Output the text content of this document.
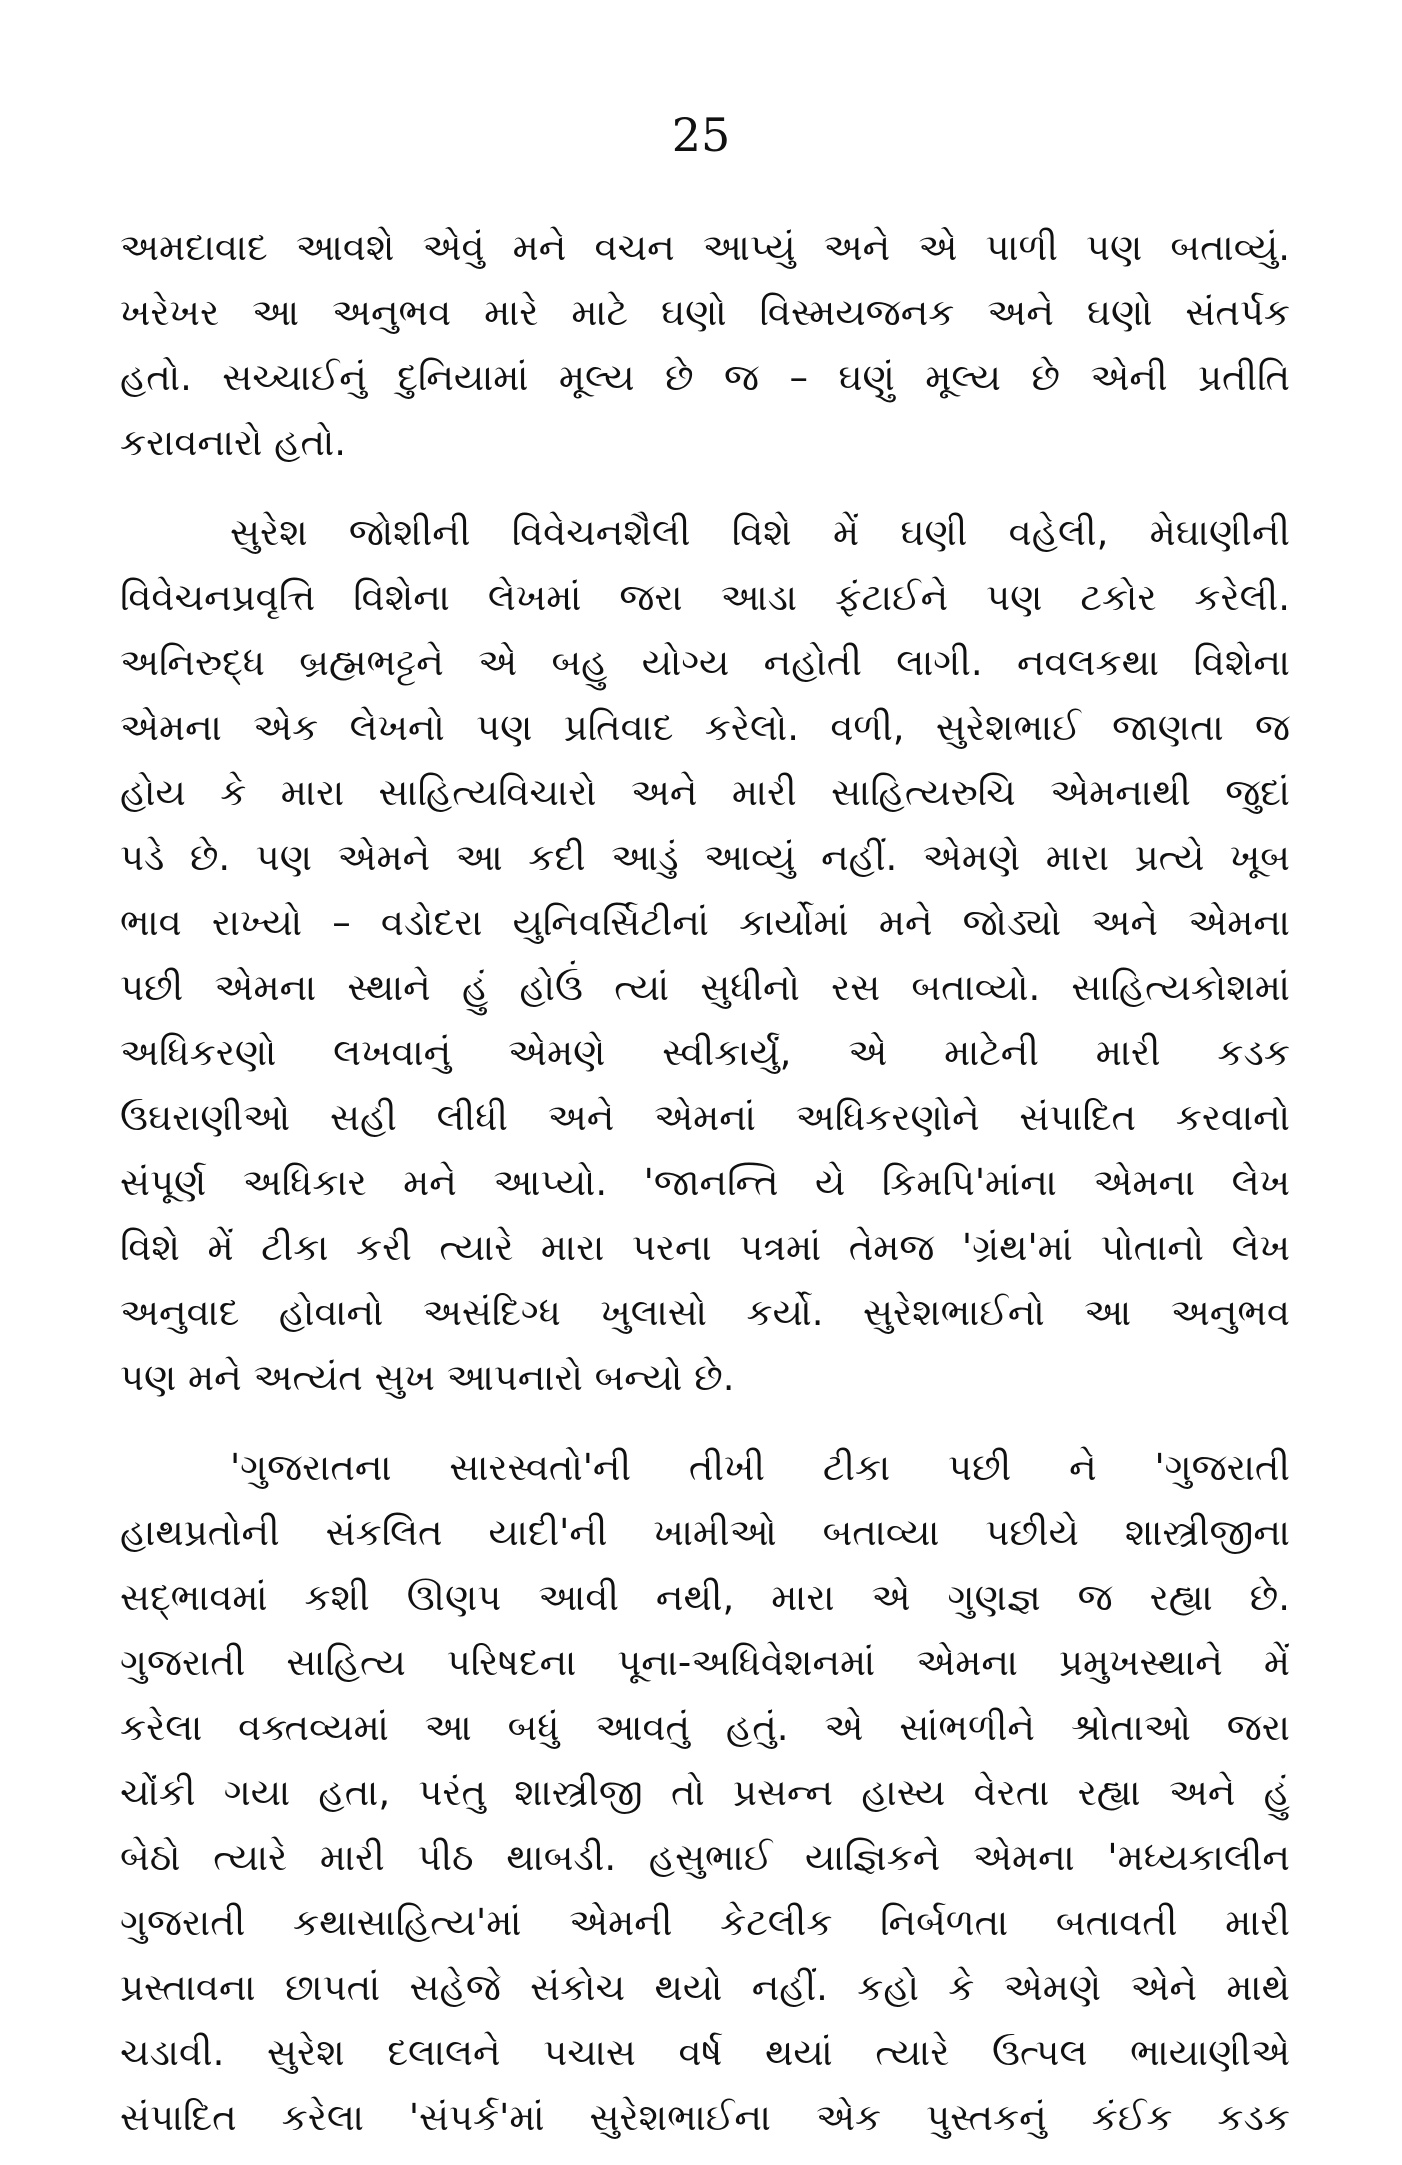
25
અમદાવાદ આવશે એવું મને વચન આપ્યું અને એ પાળી પણ બતાવ્યું.
ખરેખર આ અનુભવ મારે માટે ઘણો વિસ્મયજનક અને ઘણો સંતર્પક
હતો. સચ્ચાઈનું દુનિયામાં મૂલ્ય છે જ – ઘણું મૂલ્ય છે એની પ્રતીતિ
કરાવનારો હતો.
સુરેશ જોશીની વિવેચનશૈલી વિશે મેં ઘણી વહેલી, મેઘાણીની
વિવેચનપ્રવૃત્તિ વિશેના લેખમાં જરા આડા ફંટાઈને પણ ટકોર કરેલી.
અનિરુદ્ધ બ્રહ્મભટ્ટને એ બહુ યોગ્ય નહોતી લાગી. નવલકથા વિશેના
એમના એક લેખનો પણ પ્રતિવાદ કરેલો. વળી, સુરેશભાઈ જાણતા જ
હોય કે મારા સાહિત્યવિચારો અને મારી સાહિત્યરુચિ એમનાથી જુદાં
પડે છે. પણ એમને આ કદી આડું આવ્યું નહીં. એમણે મારા પ્રત્યે ખૂબ
ભાવ રાખ્યો – વડોદરા યુનિવર્સિટીનાં કાર્યોમાં મને જોડ્યો અને એમના
પછી એમના સ્થાને હું હોઉં ત્યાં સુધીનો રસ બતાવ્યો. સાહિત્યકોશમાં
અધિકરણો લખવાનું એમણે સ્વીકાર્યું, એ માટેની મારી કડક
ઉઘરાણીઓ સહી લીધી અને એમનાં અધિકરણોને સંપાદિત કરવાનો
સંપૂર્ણ અધિકાર મને આપ્યો. 'જાનન્તિ યે કિમપિ'માંના એમના લેખ
વિશે મેં ટીકા કરી ત્યારે મારા પરના પત્રમાં તેમજ 'ગ્રંથ'માં પોતાનો લેખ
અનુવાદ હોવાનો અસંદિગ્ધ ખુલાસો કર્યો. સુરેશભાઈનો આ અનુભવ
પણ મને અત્યંત સુખ આપનારો બન્યો છે.
'ગુજરાતના સારસ્વતો'ની તીખી ટીકા પછી ને 'ગુજરાતી
હાથપ્રતોની સંકલિત યાદી'ની ખામીઓ બતાવ્યા પછીયે શાસ્ત્રીજીના
સદ્ભાવમાં કશી ઊણપ આવી નથી, મારા એ ગુણજ્ઞ જ રહ્યા છે.
ગુજરાતી સાહિત્ય પરિષદના પૂના-અધિવેશનમાં એમના પ્રમુખસ્થાને મેં
કરેલા વક્તવ્યમાં આ બધું આવતું હતું. એ સાંભળીને શ્રોતાઓ જરા
ચોંકી ગયા હતા, પરંતુ શાસ્ત્રીજી તો પ્રસન્ન હાસ્ય વેરતા રહ્યા અને હું
બેઠો ત્યારે મારી પીઠ થાબડી. હસુભાઈ યાજ્ઞિકને એમના 'મધ્યકાલીન
ગુજરાતી કથાસાહિત્ય'માં એમની કેટલીક નિર્બળતા બતાવતી મારી
પ્રસ્તાવના છાપતાં સહેજે સંકોચ થયો નહીં. કહો કે એમણે એને માથે
ચડાવી. સુરેશ દલાલને પચાસ વર્ષ થયાં ત્યારે ઉત્પલ ભાયાણીએ
સંપાદિત કરેલા 'સંપર્ક'માં સુરેશભાઈના એક પુસ્તકનું કંઈક કડક
